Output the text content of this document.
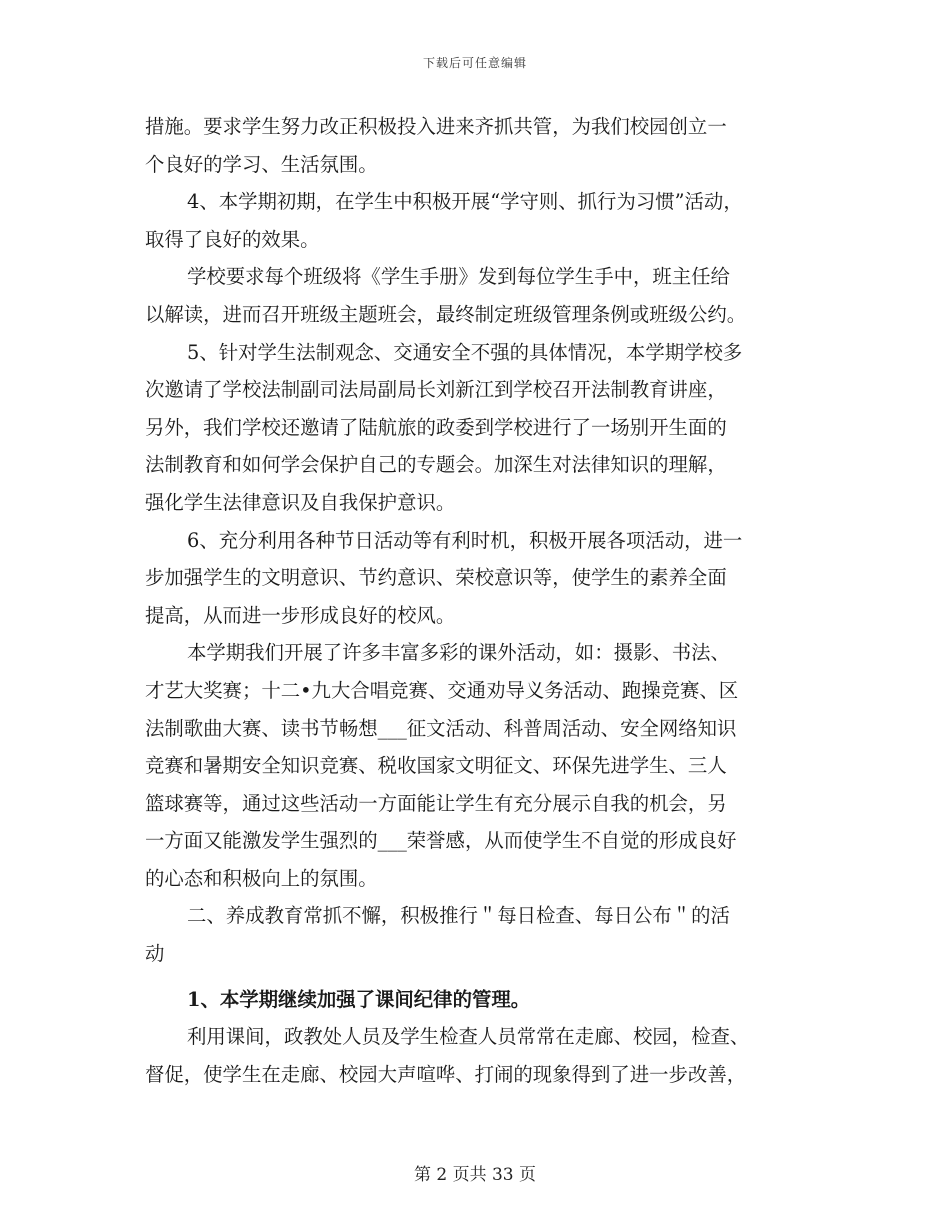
下载后可任意编辑
措施。要求学生努力改正积极投入进来齐抓共管，为我们校园创立一
个良好的学习、生活氛围。
4、本学期初期，在学生中积极开展“学守则、抓行为习惯”活动，
取得了良好的效果。
学校要求每个班级将《学生手册》发到每位学生手中，班主任给
以解读，进而召开班级主题班会，最终制定班级管理条例或班级公约。
5、针对学生法制观念、交通安全不强的具体情况，本学期学校多
次邀请了学校法制副司法局副局长刘新江到学校召开法制教育讲座，
另外，我们学校还邀请了陆航旅的政委到学校进行了一场别开生面的
法制教育和如何学会保护自己的专题会。加深生对法律知识的理解，
强化学生法律意识及自我保护意识。
6、充分利用各种节日活动等有利时机，积极开展各项活动，进一
步加强学生的文明意识、节约意识、荣校意识等，使学生的素养全面
提高，从而进一步形成良好的校风。
本学期我们开展了许多丰富多彩的课外活动，如：摄影、书法、
才艺大奖赛；十二•九大合唱竞赛、交通劝导义务活动、跑操竞赛、区
法制歌曲大赛、读书节畅想___征文活动、科普周活动、安全网络知识
竞赛和暑期安全知识竞赛、税收国家文明征文、环保先进学生、三人
篮球赛等，通过这些活动一方面能让学生有充分展示自我的机会，另
一方面又能激发学生强烈的___荣誉感，从而使学生不自觉的形成良好
的心态和积极向上的氛围。
二、养成教育常抓不懈，积极推行＂每日检查、每日公布＂的活
动
1、本学期继续加强了课间纪律的管理。
利用课间，政教处人员及学生检查人员常常在走廊、校园，检查、
督促，使学生在走廊、校园大声喧哗、打闹的现象得到了进一步改善，
第 2 页共 33 页
